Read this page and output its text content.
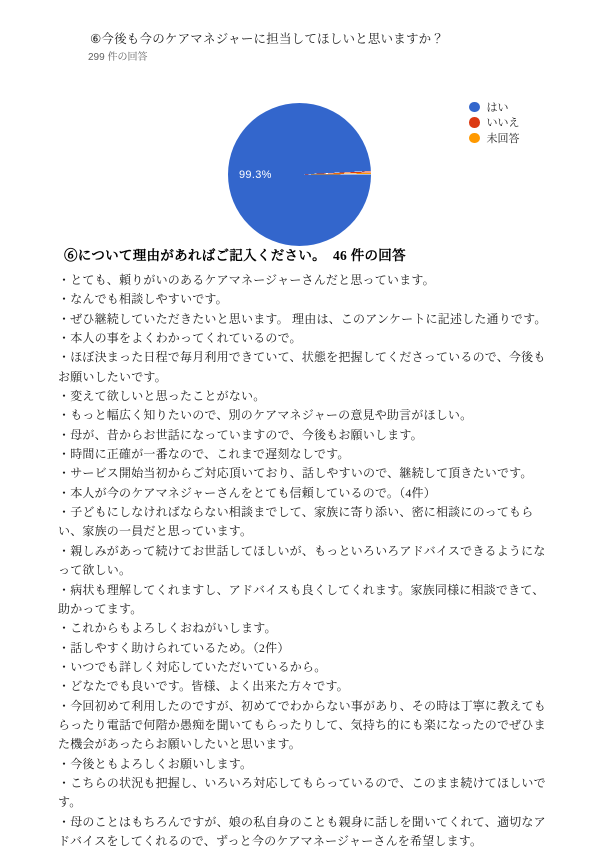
⑥今後も今のケアマネジャーに担当してほしいと思いますか？
299 件の回答
99.3%
はい
いいえ
未回答
⑥について理由があればご記入ください。 46 件の回答

・とても、頼りがいのあるケアマネージャーさんだと思っています。

・なんでも相談しやすいです。

・ぜひ継続していただきたいと思います。 理由は、このアンケートに記述した通りです。

・本人の事をよくわかってくれているので。

・ほぼ決まった日程で毎月利用できていて、状態を把握してくださっているので、今後もお願いしたいです。

・変えて欲しいと思ったことがない。

・もっと幅広く知りたいので、別のケアマネジャーの意見や助言がほしい。

・母が、昔からお世話になっていますので、今後もお願いします。

・時間に正確が一番なので、これまで遅刻なしです。

・サービス開始当初からご対応頂いており、話しやすいので、継続して頂きたいです。

・本人が今のケアマネジャーさんをとても信頼しているので。（4件）

・子どもにしなければならない相談までして、家族に寄り添い、密に相談にのってもらい、家族の一員だと思っています。

・親しみがあって続けてお世話してほしいが、もっといろいろアドバイスできるようになって欲しい。

・病状も理解してくれますし、アドバイスも良くしてくれます。家族同様に相談できて、助かってます。

・これからもよろしくおねがいします。

・話しやすく助けられているため。（2件）

・いつでも詳しく対応していただいているから。

・どなたでも良いです。皆様、よく出来た方々です。

・今回初めて利用したのですが、初めてでわからない事があり、その時は丁寧に教えてもらったり電話で何階か愚痴を聞いてもらったりして、気持ち的にも楽になったのでぜひまた機会があったらお願いしたいと思います。

・今後ともよろしくお願いします。

・こちらの状況も把握し、いろいろ対応してもらっているので、このまま続けてほしいです。

・母のことはもちろんですが、娘の私自身のことも親身に話しを聞いてくれて、適切なアドバイスをしてくれるので、ずっと今のケアマネージャーさんを希望します。
